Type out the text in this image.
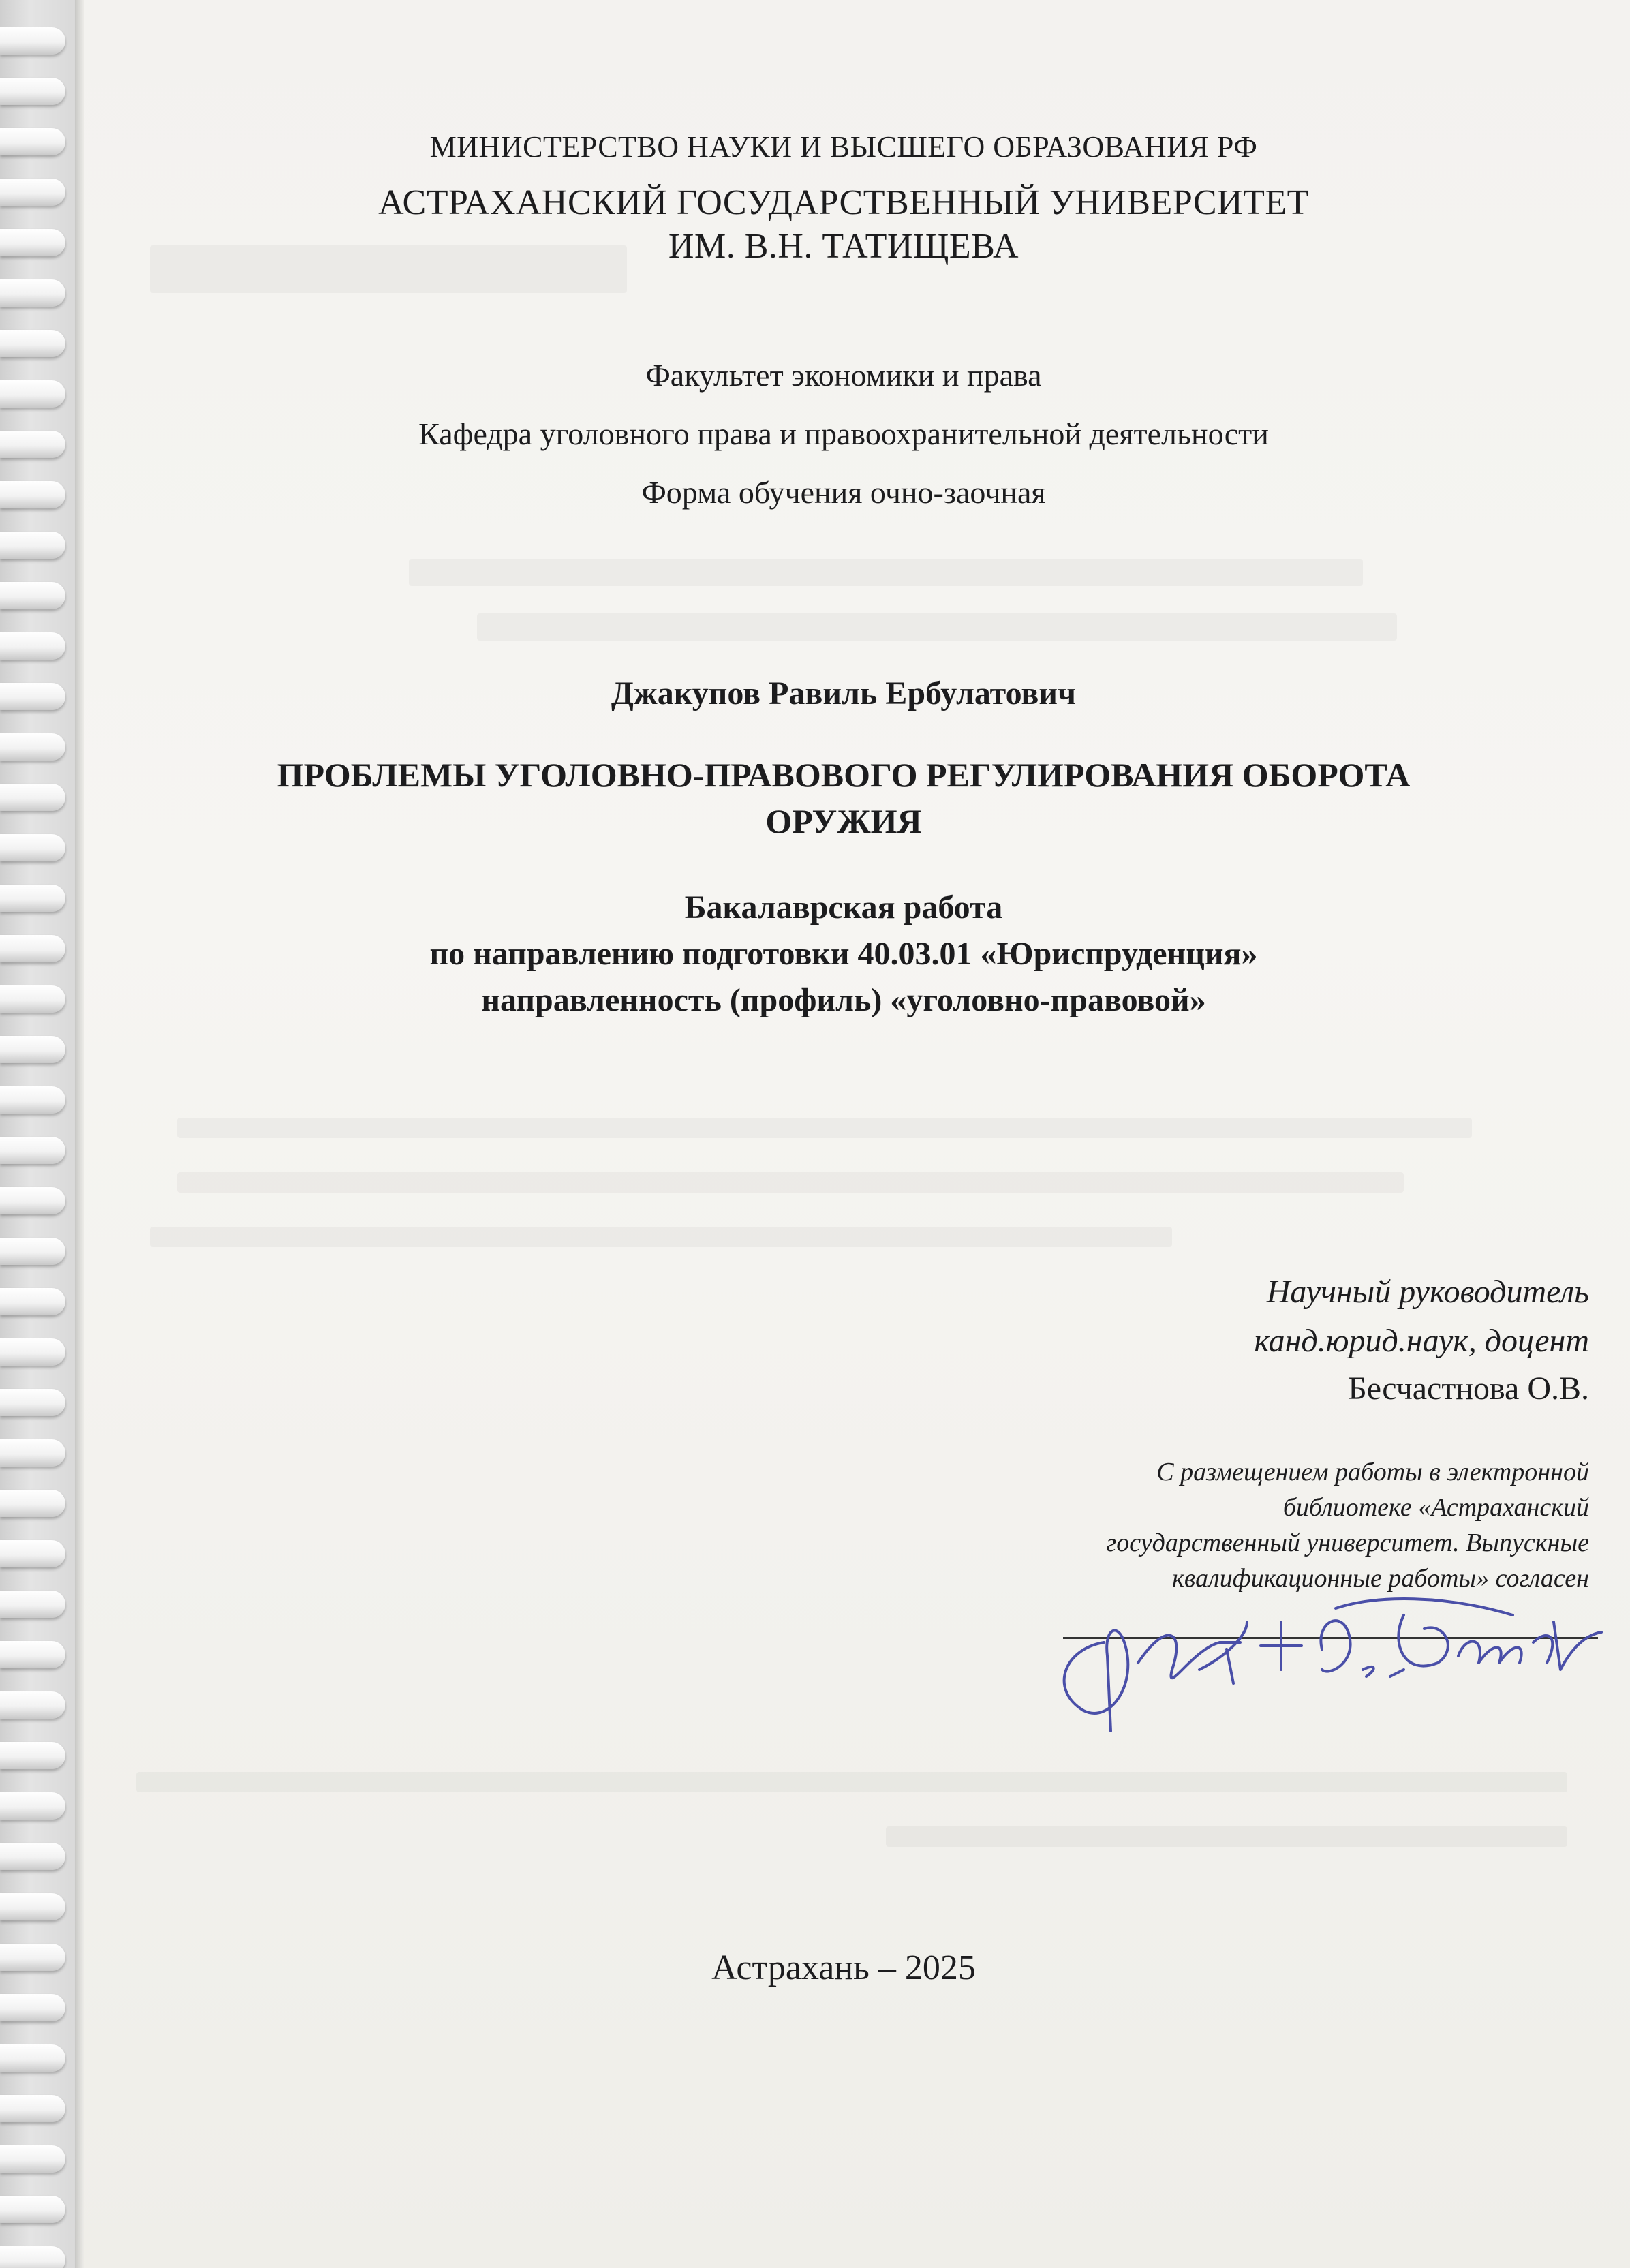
МИНИСТЕРСТВО НАУКИ И ВЫСШЕГО ОБРАЗОВАНИЯ РФ
АСТРАХАНСКИЙ ГОСУДАРСТВЕННЫЙ УНИВЕРСИТЕТ
ИМ. В.Н. ТАТИЩЕВА
Факультет экономики и права
Кафедра уголовного права и правоохранительной деятельности
Форма обучения очно-заочная
Джакупов Равиль Ербулатович
ПРОБЛЕМЫ УГОЛОВНО-ПРАВОВОГО РЕГУЛИРОВАНИЯ ОБОРОТА
ОРУЖИЯ
Бакалаврская работа
по направлению подготовки 40.03.01 «Юриспруденция»
направленность (профиль) «уголовно-правовой»
Научный руководитель
канд.юрид.наук, доцент
Бесчастнова О.В.
С размещением работы в электронной
библиотеке «Астраханский
государственный университет. Выпускные
квалификационные работы» согласен
Астрахань – 2025
